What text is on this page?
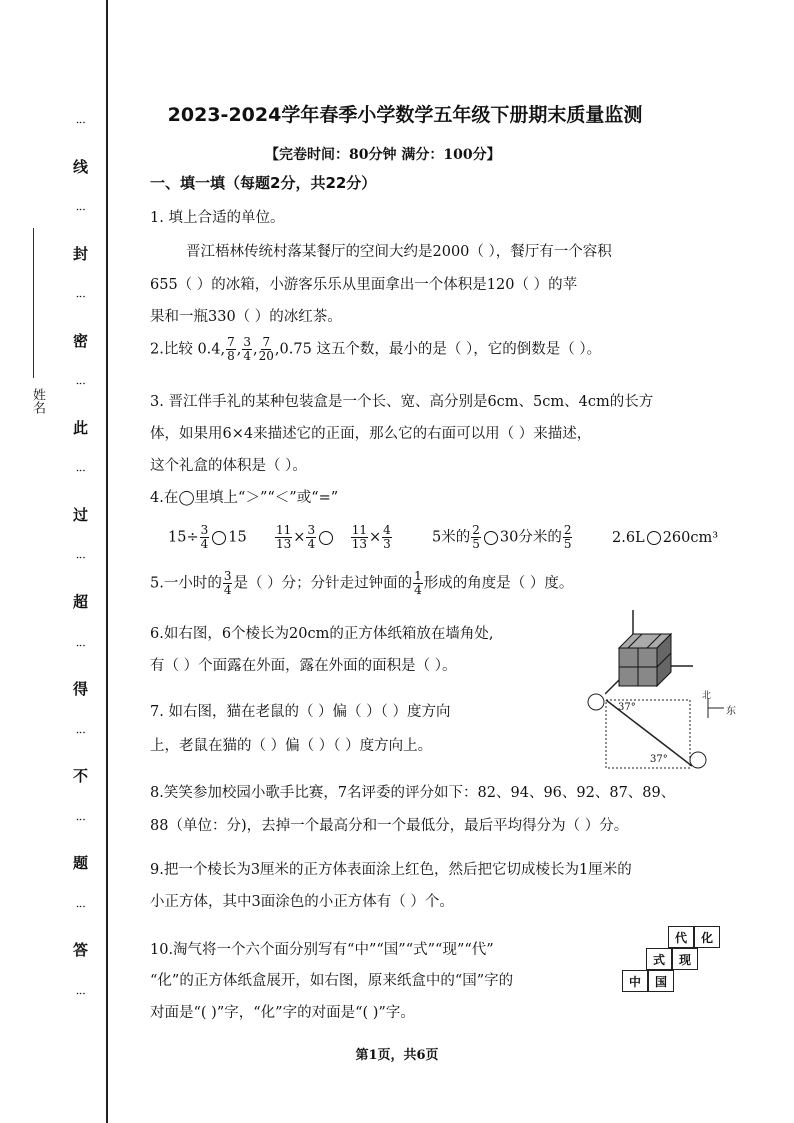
姓名
⋮
线
⋮
封
⋮
密
⋮
此
⋮
过
⋮
超
⋮
得
⋮
不
⋮
题
⋮
答
⋮
2023-2024学年春季小学数学五年级下册期末质量监测
【完卷时间：80分钟 满分：100分】
一、填一填（每题2分，共22分）
1. 填上合适的单位。
晋江梧林传统村落某餐厅的空间大约是2000（ ），餐厅有一个容积
655（ ）的冰箱，小游客乐乐从里面拿出一个体积是120（ ）的苹
果和一瓶330（ ）的冰红茶。
2.比较 0.4, $\frac{7}{8}$ , $\frac{3}{4}$ , $\frac{7}{20} ,0.75$ 这五个数，最小的是（ ），它的倒数是（ ）。
3. 晋江伴手礼的某种包装盒是一个长、宽、高分别是6cm、5cm、4cm的长方
体，如果用6×4来描述它的正面，那么它的右面可以用（ ）来描述，
这个礼盒的体积是（ ）。
4.在◯里填上“＞”“＜”或“=”
$15\div \frac{3}{4} 15 \frac{11}{13} \times \frac{3}{4}$
	$\frac{11}{13} \times \frac{4}{3}$	5米的 $\frac{2}{5} 30$分米的 $\frac{2}{5}$	2.6L 260cm³
5.一小时的 $\frac{3}{4}$ 是（ ）分；分针走过钟面的 $\frac{1}{4}$ 形成的角度是（ ）度。
6.如右图，6个棱长为20cm的正方体纸箱放在墙角处,
有（ ）个面露在外面，露在外面的面积是（ ）。
7. 如右图，猫在老鼠的（ ）偏（ ）（ ）度方向
上，老鼠在猫的（ ）偏（ ）（ ）度方向上。
37°
37°
北
东
8.笑笑参加校园小歌手比赛，7名评委的评分如下：82、94、96、92、87、89、
88（单位：分)，去掉一个最高分和一个最低分，最后平均得分为（ ）分。
9.把一个棱长为3厘米的正方体表面涂上红色，然后把它切成棱长为1厘米的
小正方体，其中3面涂色的小正方体有（ ）个。
10.淘气将一个六个面分别写有“中”“国”“式”“现”“代”
“化”的正方体纸盒展开，如右图，原来纸盒中的“国”字的
对面是“( )”字，“化”字的对面是“( )”字。
代	化
式	现
中	国
第1页，共6页
